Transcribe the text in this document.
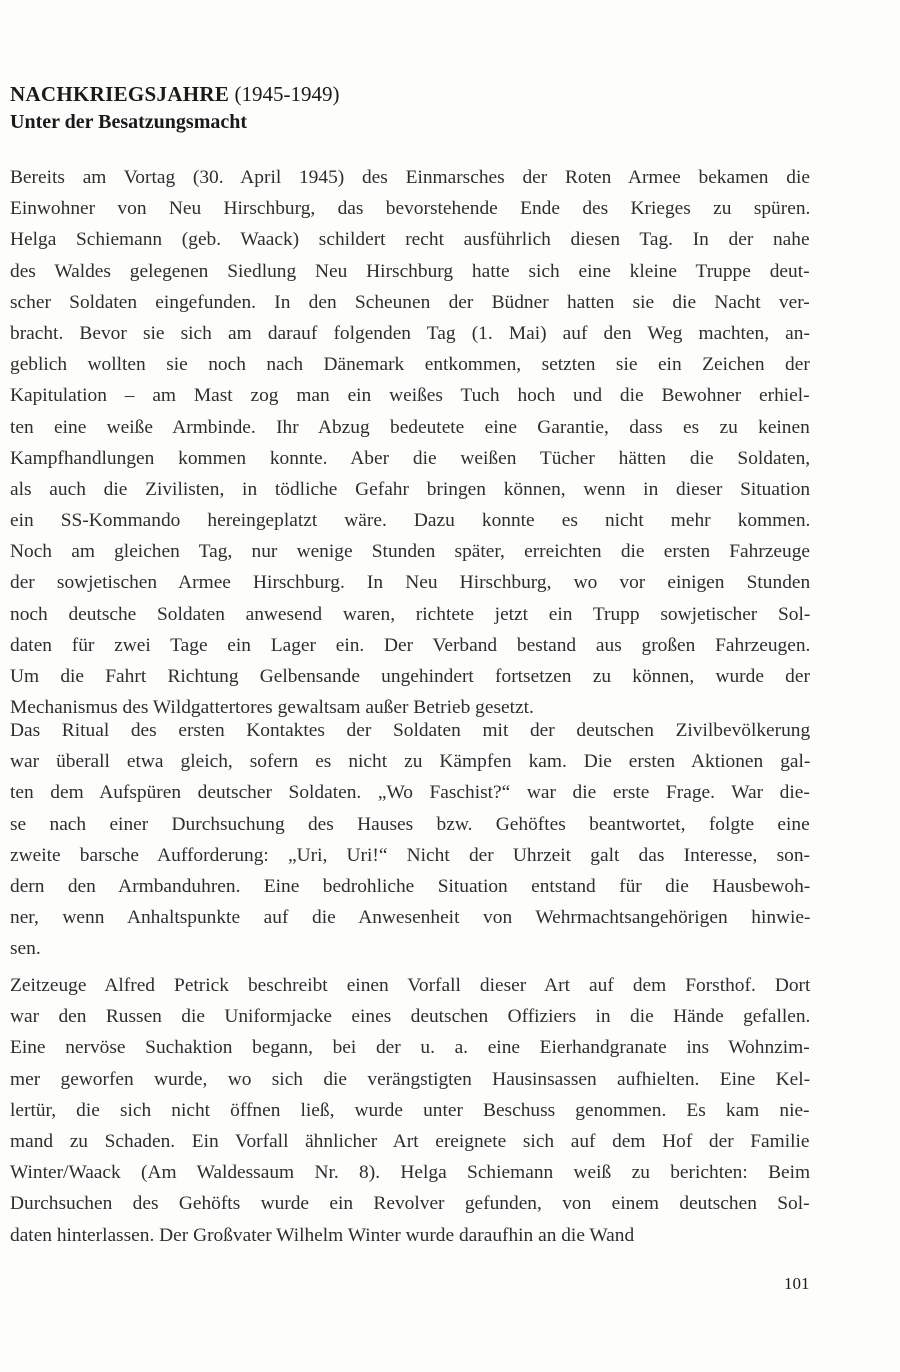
NACHKRIEGSJAHRE (1945-1949)
Unter der Besatzungsmacht
Bereits am Vortag (30. April 1945) des Einmarsches der Roten Armee bekamen die
Einwohner von Neu Hirschburg, das bevorstehende Ende des Krieges zu spüren.
Helga Schiemann (geb. Waack) schildert recht ausführlich diesen Tag. In der nahe
des Waldes gelegenen Siedlung Neu Hirschburg hatte sich eine kleine Truppe deut-
scher Soldaten eingefunden. In den Scheunen der Büdner hatten sie die Nacht ver-
bracht. Bevor sie sich am darauf folgenden Tag (1. Mai) auf den Weg machten, an-
geblich wollten sie noch nach Dänemark entkommen, setzten sie ein Zeichen der
Kapitulation – am Mast zog man ein weißes Tuch hoch und die Bewohner erhiel-
ten eine weiße Armbinde. Ihr Abzug bedeutete eine Garantie, dass es zu keinen
Kampfhandlungen kommen konnte. Aber die weißen Tücher hätten die Soldaten,
als auch die Zivilisten, in tödliche Gefahr bringen können, wenn in dieser Situation
ein SS-Kommando hereingeplatzt wäre. Dazu konnte es nicht mehr kommen.
Noch am gleichen Tag, nur wenige Stunden später, erreichten die ersten Fahrzeuge
der sowjetischen Armee Hirschburg. In Neu Hirschburg, wo vor einigen Stunden
noch deutsche Soldaten anwesend waren, richtete jetzt ein Trupp sowjetischer Sol-
daten für zwei Tage ein Lager ein. Der Verband bestand aus großen Fahrzeugen.
Um die Fahrt Richtung Gelbensande ungehindert fortsetzen zu können, wurde der
Mechanismus des Wildgattertores gewaltsam außer Betrieb gesetzt.
Das Ritual des ersten Kontaktes der Soldaten mit der deutschen Zivilbevölkerung
war überall etwa gleich, sofern es nicht zu Kämpfen kam. Die ersten Aktionen gal-
ten dem Aufspüren deutscher Soldaten. „Wo Faschist?“ war die erste Frage. War die-
se nach einer Durchsuchung des Hauses bzw. Gehöftes beantwortet, folgte eine
zweite barsche Aufforderung: „Uri, Uri!“ Nicht der Uhrzeit galt das Interesse, son-
dern den Armbanduhren. Eine bedrohliche Situation entstand für die Hausbewoh-
ner, wenn Anhaltspunkte auf die Anwesenheit von Wehrmachtsangehörigen hinwie-
sen.
Zeitzeuge Alfred Petrick beschreibt einen Vorfall dieser Art auf dem Forsthof. Dort
war den Russen die Uniformjacke eines deutschen Offiziers in die Hände gefallen.
Eine nervöse Suchaktion begann, bei der u. a. eine Eierhandgranate ins Wohnzim-
mer geworfen wurde, wo sich die verängstigten Hausinsassen aufhielten. Eine Kel-
lertür, die sich nicht öffnen ließ, wurde unter Beschuss genommen. Es kam nie-
mand zu Schaden. Ein Vorfall ähnlicher Art ereignete sich auf dem Hof der Familie
Winter/Waack (Am Waldessaum Nr. 8). Helga Schiemann weiß zu berichten: Beim
Durchsuchen des Gehöfts wurde ein Revolver gefunden, von einem deutschen Sol-
daten hinterlassen. Der Großvater Wilhelm Winter wurde daraufhin an die Wand
101
